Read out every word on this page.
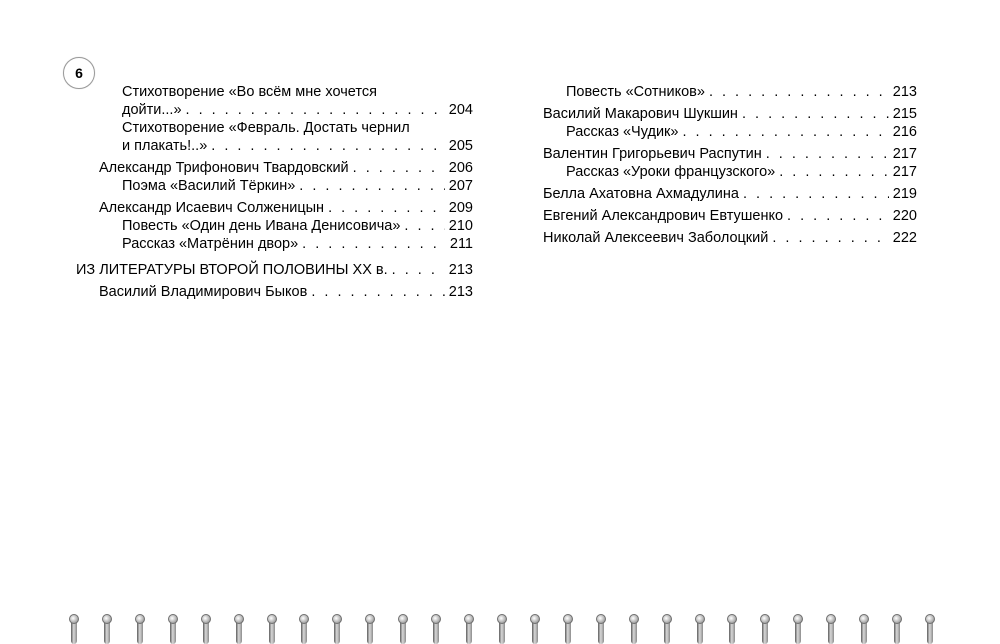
6
Стихотворение «Во всём мне хочется
дойти...» . . .	204
Стихотворение «Февраль. Достать чернил
и плакать!..» . . .	205
Александр Трифонович Твардовский . . .	206
Поэма «Василий Тёркин» . . .	207
Александр Исаевич Солженицын . . .	209
Повесть «Один день Ивана Денисовича» . . .	210
Рассказ «Матрёнин двор» . . .	211
ИЗ ЛИТЕРАТУРЫ ВТОРОЙ ПОЛОВИНЫ XX в. . . .	213
Василий Владимирович Быков . . .	213
Повесть «Сотников» . . .	213
Василий Макарович Шукшин . . .	215
Рассказ «Чудик» . . .	216
Валентин Григорьевич Распутин . . .	217
Рассказ «Уроки французского» . . .	217
Белла Ахатовна Ахмадулина . . .	219
Евгений Александрович Евтушенко . . .	220
Николай Алексеевич Заболоцкий . . .	222
